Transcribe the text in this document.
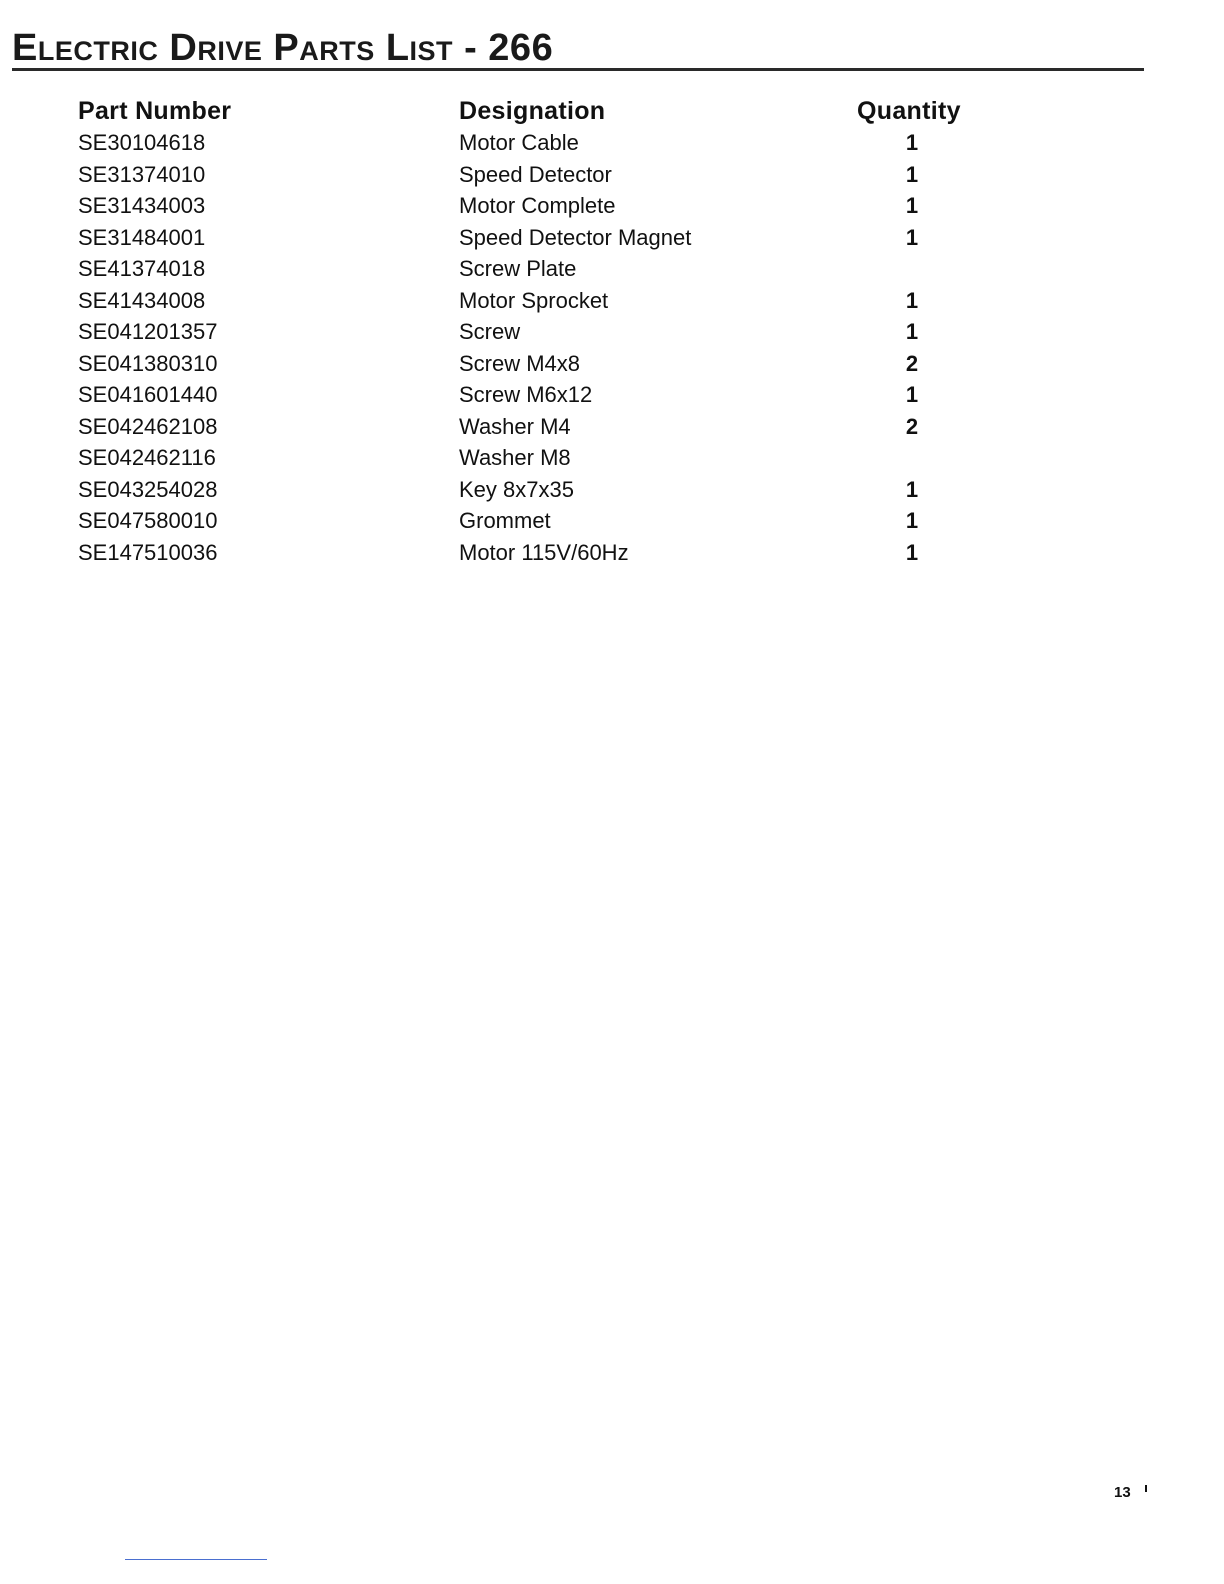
Electric Drive Parts List - 266
Part Number	Designation	Quantity
SE30104618	Motor Cable	1
SE31374010	Speed Detector	1
SE31434003	Motor Complete	1
SE31484001	Speed Detector Magnet	1
SE41374018	Screw Plate
SE41434008	Motor Sprocket	1
SE041201357	Screw	1
SE041380310	Screw M4x8	2
SE041601440	Screw M6x12	1
SE042462108	Washer M4	2
SE042462116	Washer M8
SE043254028	Key 8x7x35	1
SE047580010	Grommet	1
SE147510036	Motor 115V/60Hz	1
13
